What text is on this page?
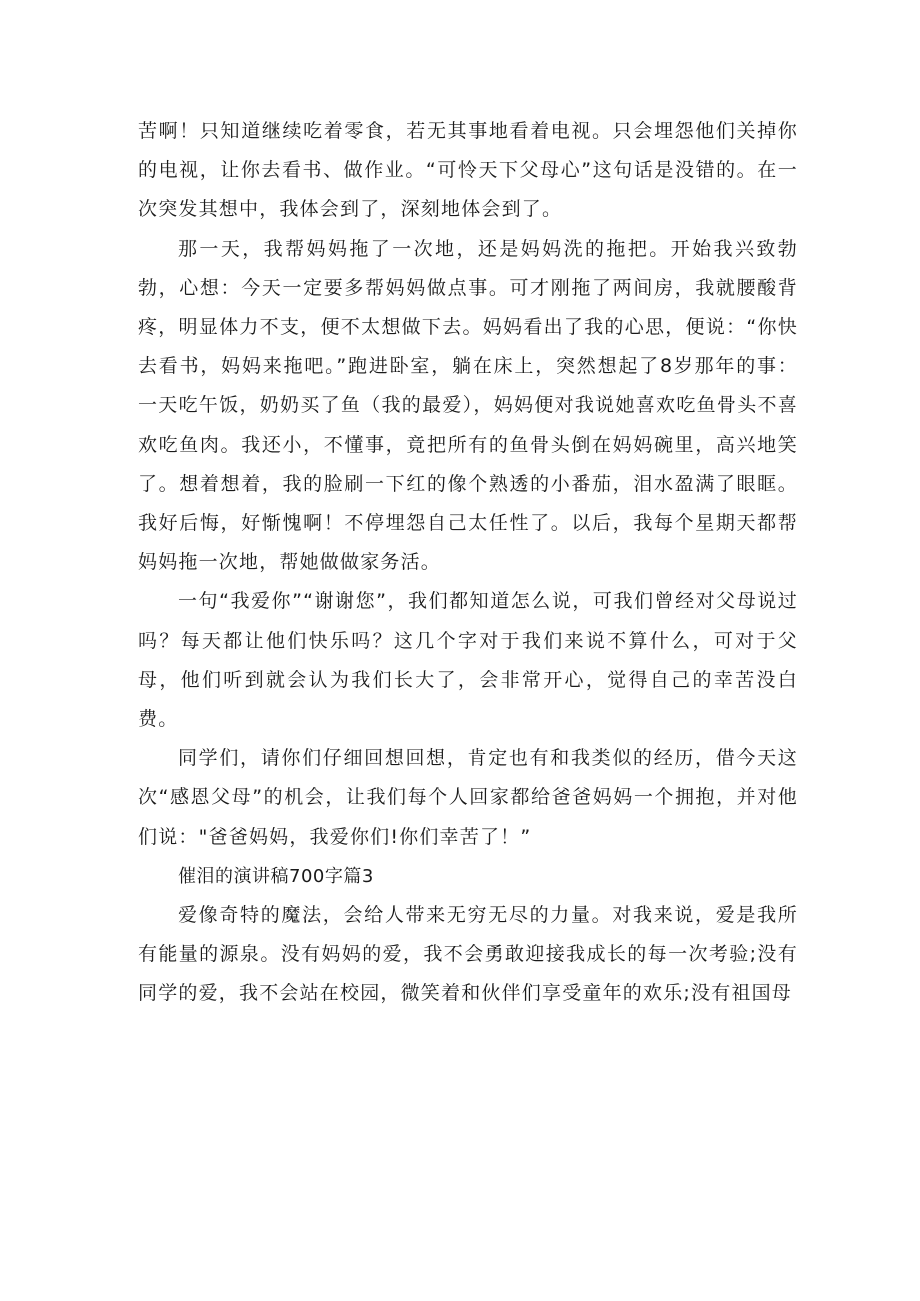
苦啊！只知道继续吃着零食，若无其事地看着电视。只会埋怨他们关掉你的电视，让你去看书、做作业。“可怜天下父母心”这句话是没错的。在一次突发其想中，我体会到了，深刻地体会到了。

那一天，我帮妈妈拖了一次地，还是妈妈洗的拖把。开始我兴致勃勃，心想：今天一定要多帮妈妈做点事。可才刚拖了两间房，我就腰酸背疼，明显体力不支，便不太想做下去。妈妈看出了我的心思，便说：“你快去看书，妈妈来拖吧。”跑进卧室，躺在床上，突然想起了8岁那年的事：一天吃午饭，奶奶买了鱼（我的最爱），妈妈便对我说她喜欢吃鱼骨头不喜欢吃鱼肉。我还小，不懂事，竟把所有的鱼骨头倒在妈妈碗里，高兴地笑了。想着想着，我的脸刷一下红的像个熟透的小番茄，泪水盈满了眼眶。我好后悔，好惭愧啊！不停埋怨自己太任性了。以后，我每个星期天都帮妈妈拖一次地，帮她做做家务活。

一句“我爱你”“谢谢您”，我们都知道怎么说，可我们曾经对父母说过吗？每天都让他们快乐吗？这几个字对于我们来说不算什么，可对于父母，他们听到就会认为我们长大了，会非常开心，觉得自己的幸苦没白费。

同学们，请你们仔细回想回想，肯定也有和我类似的经历，借今天这次“感恩父母”的机会，让我们每个人回家都给爸爸妈妈一个拥抱，并对他们说："爸爸妈妈，我爱你们!你们幸苦了！”

催泪的演讲稿700字篇3

爱像奇特的魔法，会给人带来无穷无尽的力量。对我来说，爱是我所有能量的源泉。没有妈妈的爱，我不会勇敢迎接我成长的每一次考验;没有同学的爱，我不会站在校园，微笑着和伙伴们享受童年的欢乐;没有祖国母
